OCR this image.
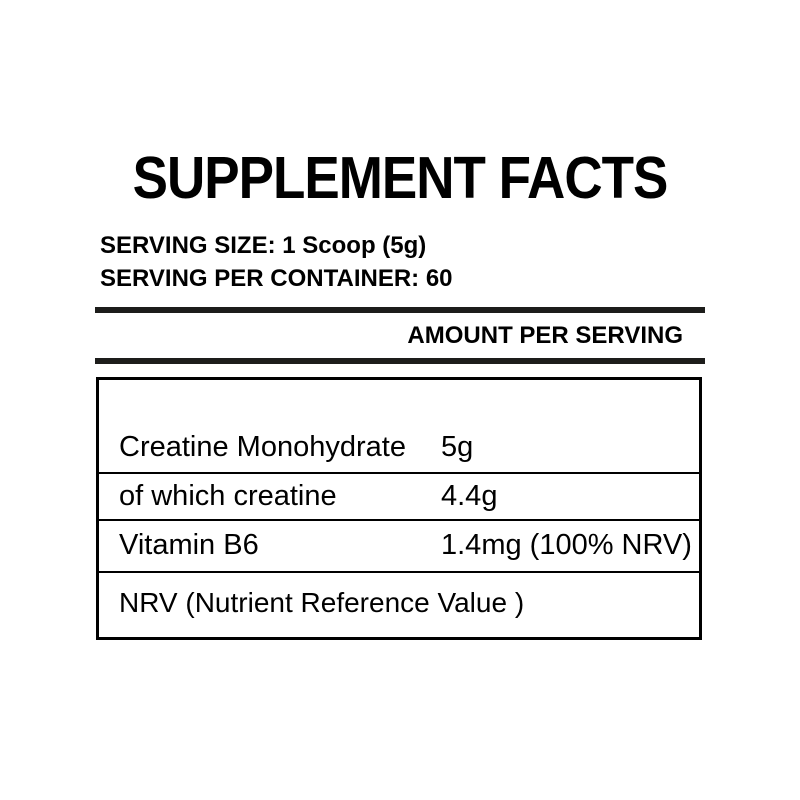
SUPPLEMENT FACTS
SERVING SIZE: 1 Scoop (5g)
SERVING PER CONTAINER: 60
AMOUNT PER SERVING
Creatine Monohydrate	5g
of which creatine	4.4g
Vitamin B6	1.4mg (100% NRV)
NRV (Nutrient Reference Value )
